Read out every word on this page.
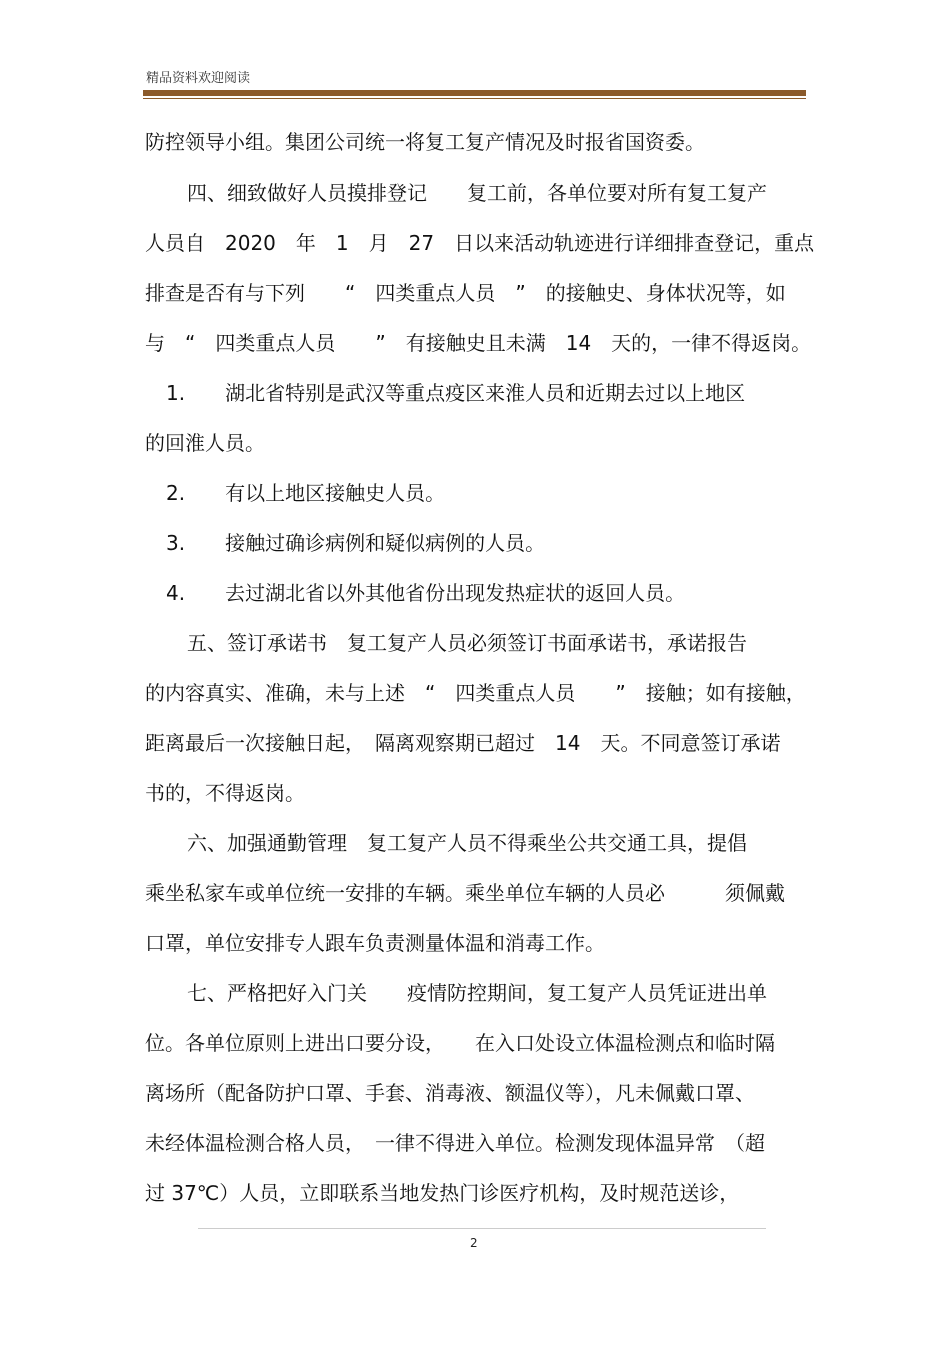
精品资料欢迎阅读
防控领导小组。集团公司统一将复工复产情况及时报省国资委。
四、细致做好人员摸排登记　　复工前，各单位要对所有复工复产
人员自　2020　年　1　月　27　日以来活动轨迹进行详细排查登记，重点
排查是否有与下列　　“　四类重点人员　”　的接触史、身体状况等，如
与　“　四类重点人员　　”　有接触史且未满　14　天的，一律不得返岗。
1.　　湖北省特别是武汉等重点疫区来淮人员和近期去过以上地区
的回淮人员。
2.　　有以上地区接触史人员。
3.　　接触过确诊病例和疑似病例的人员。
4.　　去过湖北省以外其他省份出现发热症状的返回人员。
五、签订承诺书　复工复产人员必须签订书面承诺书，承诺报告
的内容真实、准确，未与上述　“　四类重点人员　　”　接触；如有接触，
距离最后一次接触日起，　隔离观察期已超过　14　天。不同意签订承诺
书的，不得返岗。
六、加强通勤管理　复工复产人员不得乘坐公共交通工具，提倡
乘坐私家车或单位统一安排的车辆。乘坐单位车辆的人员必　　　须佩戴
口罩，单位安排专人跟车负责测量体温和消毒工作。
七、严格把好入门关　　疫情防控期间，复工复产人员凭证进出单
位。各单位原则上进出口要分设，　　在入口处设立体温检测点和临时隔
离场所（配备防护口罩、手套、消毒液、额温仪等），凡未佩戴口罩、
未经体温检测合格人员，　一律不得进入单位。检测发现体温异常　（超
过 37℃）人员，立即联系当地发热门诊医疗机构，及时规范送诊，
2
